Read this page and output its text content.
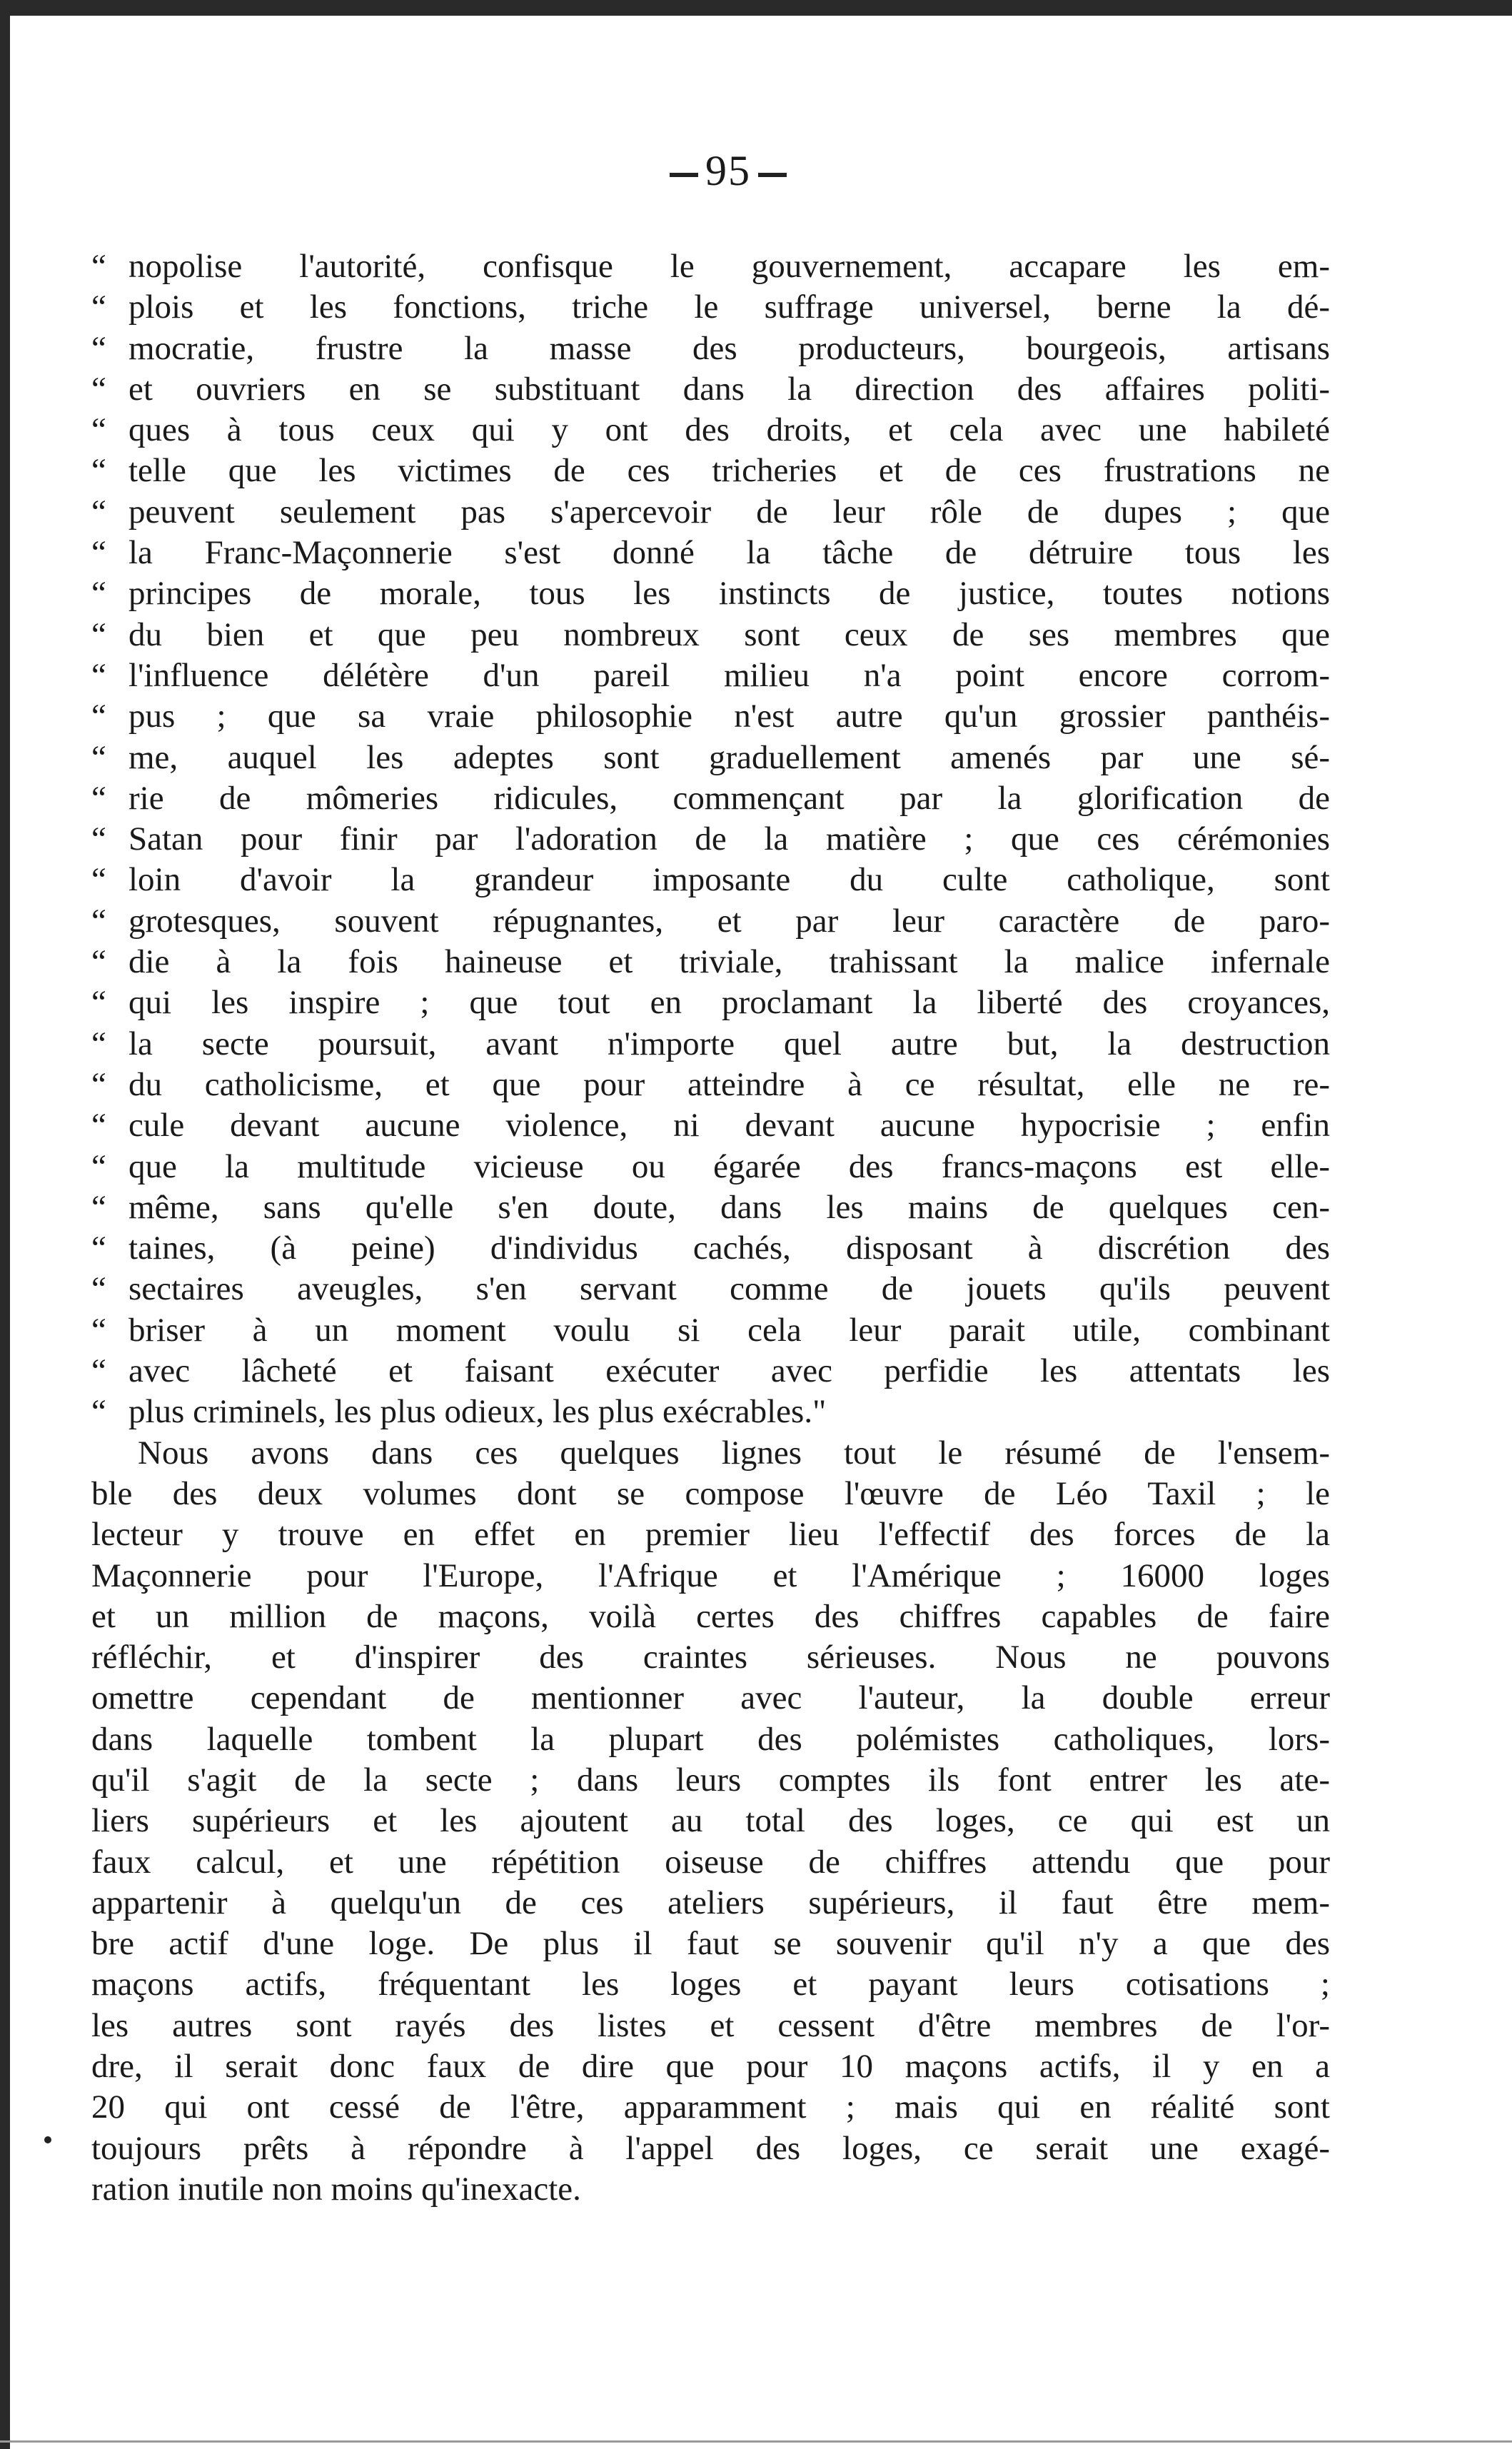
95
“ nopolise l'autorité, confisque le gouvernement, accapare les em-
“ plois et les fonctions, triche le suffrage universel, berne la dé-
“ mocratie, frustre la masse des producteurs, bourgeois, artisans
“ et ouvriers en se substituant dans la direction des affaires politi-
“ ques à tous ceux qui y ont des droits, et cela avec une habileté
“ telle que les victimes de ces tricheries et de ces frustrations ne
“ peuvent seulement pas s'apercevoir de leur rôle de dupes ; que
“ la Franc-Maçonnerie s'est donné la tâche de détruire tous les
“ principes de morale, tous les instincts de justice, toutes notions
“ du bien et que peu nombreux sont ceux de ses membres que
“ l'influence délétère d'un pareil milieu n'a point encore corrom-
“ pus ; que sa vraie philosophie n'est autre qu'un grossier panthéis-
“ me, auquel les adeptes sont graduellement amenés par une sé-
“ rie de mômeries ridicules, commençant par la glorification de
“ Satan pour finir par l'adoration de la matière ; que ces cérémonies
“ loin d'avoir la grandeur imposante du culte catholique, sont
“ grotesques, souvent répugnantes, et par leur caractère de paro-
“ die à la fois haineuse et triviale, trahissant la malice infernale
“ qui les inspire ; que tout en proclamant la liberté des croyances,
“ la secte poursuit, avant n'importe quel autre but, la destruction
“ du catholicisme, et que pour atteindre à ce résultat, elle ne re-
“ cule devant aucune violence, ni devant aucune hypocrisie ; enfin
“ que la multitude vicieuse ou égarée des francs-maçons est elle-
“ même, sans qu'elle s'en doute, dans les mains de quelques cen-
“ taines, (à peine) d'individus cachés, disposant à discrétion des
“ sectaires aveugles, s'en servant comme de jouets qu'ils peuvent
“ briser à un moment voulu si cela leur parait utile, combinant
“ avec lâcheté et faisant exécuter avec perfidie les attentats les
“ plus criminels, les plus odieux, les plus exécrables."
Nous avons dans ces quelques lignes tout le résumé de l'ensem-
ble des deux volumes dont se compose l'œuvre de Léo Taxil ; le
lecteur y trouve en effet en premier lieu l'effectif des forces de la
Maçonnerie pour l'Europe, l'Afrique et l'Amérique ; 16000 loges
et un million de maçons, voilà certes des chiffres capables de faire
réfléchir, et d'inspirer des craintes sérieuses. Nous ne pouvons
omettre cependant de mentionner avec l'auteur, la double erreur
dans laquelle tombent la plupart des polémistes catholiques, lors-
qu'il s'agit de la secte ; dans leurs comptes ils font entrer les ate-
liers supérieurs et les ajoutent au total des loges, ce qui est un
faux calcul, et une répétition oiseuse de chiffres attendu que pour
appartenir à quelqu'un de ces ateliers supérieurs, il faut être mem-
bre actif d'une loge. De plus il faut se souvenir qu'il n'y a que des
maçons actifs, fréquentant les loges et payant leurs cotisations ;
les autres sont rayés des listes et cessent d'être membres de l'or-
dre, il serait donc faux de dire que pour 10 maçons actifs, il y en a
20 qui ont cessé de l'être, apparamment ; mais qui en réalité sont
toujours prêts à répondre à l'appel des loges, ce serait une exagé-
ration inutile non moins qu'inexacte.
